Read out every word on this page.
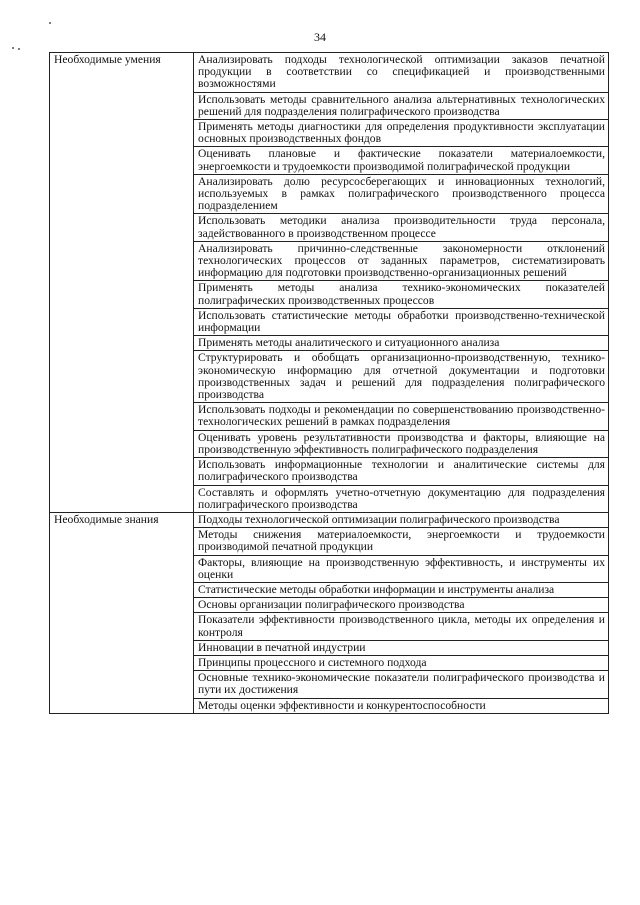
34
Необходимые умения	Анализировать подходы технологической оптимизации заказов печатной продукции в соответствии со спецификацией и производственными возможностями
	Использовать методы сравнительного анализа альтернативных технологических решений для подразделения полиграфического производства
	Применять методы диагностики для определения продуктивности эксплуатации основных производственных фондов
	Оценивать плановые и фактические показатели материалоемкости, энергоемкости и трудоемкости производимой полиграфической продукции
	Анализировать долю ресурсосберегающих и инновационных технологий, используемых в рамках полиграфического производственного процесса подразделением
	Использовать методики анализа производительности труда персонала, задействованного в производственном процессе
	Анализировать причинно-следственные закономерности отклонений технологических процессов от заданных параметров, систематизировать информацию для подготовки производственно-организационных решений
	Применять методы анализа технико-экономических показателей полиграфических производственных процессов
	Использовать статистические методы обработки производственно-технической информации
	Применять методы аналитического и ситуационного анализа
	Структурировать и обобщать организационно-производственную, технико-экономическую информацию для отчетной документации и подготовки производственных задач и решений для подразделения полиграфического производства
	Использовать подходы и рекомендации по совершенствованию производственно-технологических решений в рамках подразделения
	Оценивать уровень результативности производства и факторы, влияющие на производственную эффективность полиграфического подразделения
	Использовать информационные технологии и аналитические системы для полиграфического производства
	Составлять и оформлять учетно-отчетную документацию для подразделения полиграфического производства
Необходимые знания	Подходы технологической оптимизации полиграфического производства
	Методы снижения материалоемкости, энергоемкости и трудоемкости производимой печатной продукции
	Факторы, влияющие на производственную эффективность, и инструменты их оценки
	Статистические методы обработки информации и инструменты анализа
	Основы организации полиграфического производства
	Показатели эффективности производственного цикла, методы их определения и контроля
	Инновации в печатной индустрии
	Принципы процессного и системного подхода
	Основные технико-экономические показатели полиграфического производства и пути их достижения
	Методы оценки эффективности и конкурентоспособности
